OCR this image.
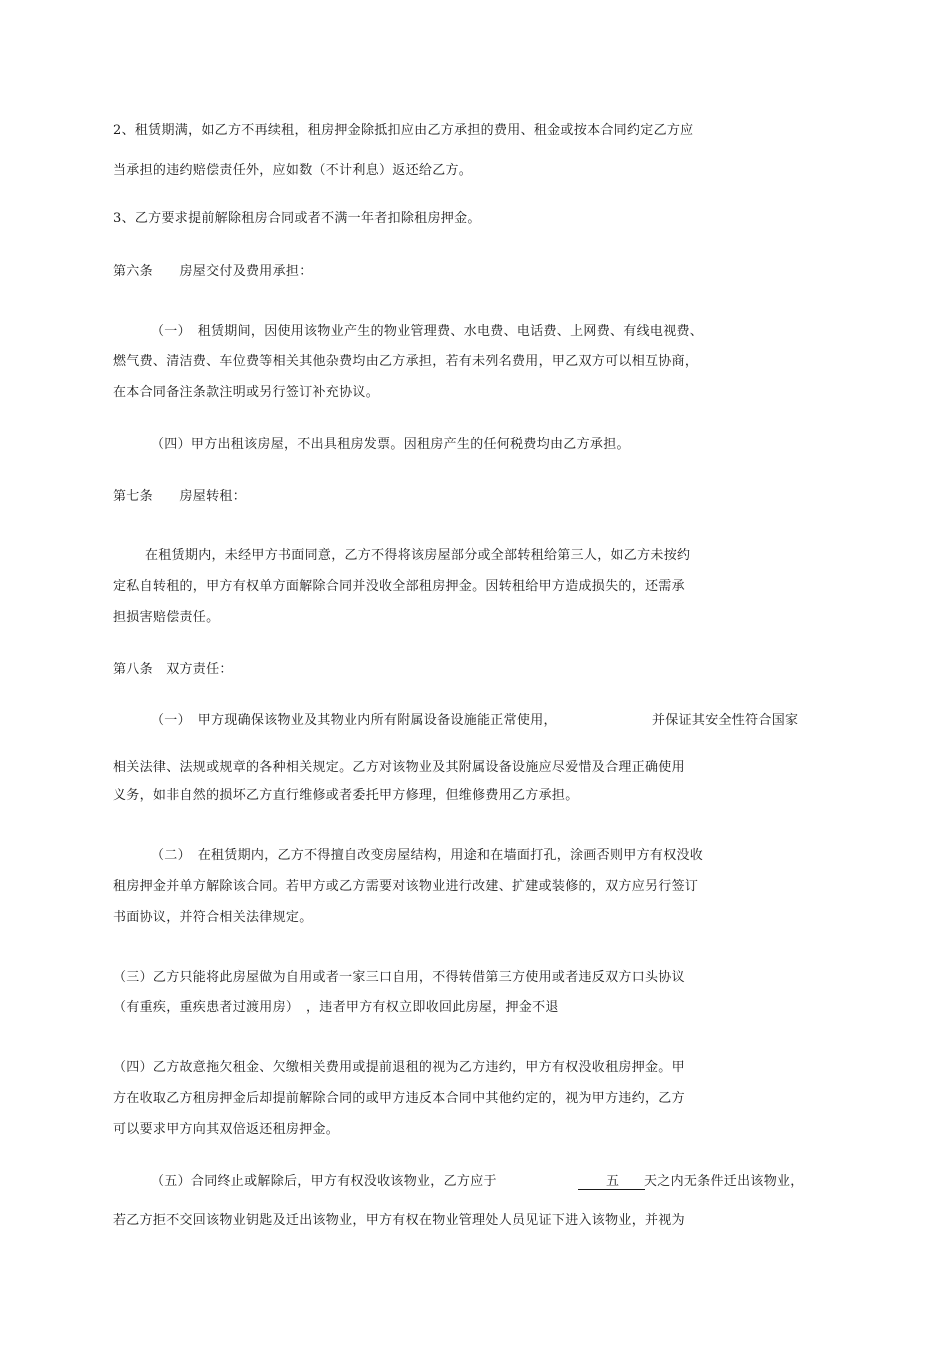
2、租赁期满，如乙方不再续租，租房押金除抵扣应由乙方承担的费用、租金或按本合同约定乙方应

当承担的违约赔偿责任外，应如数（不计利息）返还给乙方。

3、乙方要求提前解除租房合同或者不满一年者扣除租房押金。

第六条　　房屋交付及费用承担：

（一）　租赁期间，因使用该物业产生的物业管理费、水电费、电话费、上网费、有线电视费、

燃气费、清洁费、车位费等相关其他杂费均由乙方承担，若有未列名费用，甲乙双方可以相互协商，

在本合同备注条款注明或另行签订补充协议。

（四）甲方出租该房屋，不出具租房发票。因租房产生的任何税费均由乙方承担。

第七条　　房屋转租：

在租赁期内，未经甲方书面同意，乙方不得将该房屋部分或全部转租给第三人，如乙方未按约

定私自转租的，甲方有权单方面解除合同并没收全部租房押金。因转租给甲方造成损失的，还需承

担损害赔偿责任。

第八条　双方责任：

（一）　甲方现确保该物业及其物业内所有附属设备设施能正常使用，	并保证其安全性符合国家

相关法律、法规或规章的各种相关规定。乙方对该物业及其附属设备设施应尽爱惜及合理正确使用

义务，如非自然的损坏乙方直行维修或者委托甲方修理，但维修费用乙方承担。

（二）　在租赁期内，乙方不得擅自改变房屋结构，用途和在墙面打孔，涂画否则甲方有权没收

租房押金并单方解除该合同。若甲方或乙方需要对该物业进行改建、扩建或装修的，双方应另行签订

书面协议，并符合相关法律规定。

（三）乙方只能将此房屋做为自用或者一家三口自用，不得转借第三方使用或者违反双方口头协议

（有重疾，重疾患者过渡用房）　，违者甲方有权立即收回此房屋，押金不退

（四）乙方故意拖欠租金、欠缴相关费用或提前退租的视为乙方违约，甲方有权没收租房押金。甲

方在收取乙方租房押金后却提前解除合同的或甲方违反本合同中其他约定的，视为甲方违约，乙方

可以要求甲方向其双倍返还租房押金。

（五）合同终止或解除后，甲方有权没收该物业，乙方应于	五	天之内无条件迁出该物业，

若乙方拒不交回该物业钥匙及迁出该物业，甲方有权在物业管理处人员见证下进入该物业，并视为
